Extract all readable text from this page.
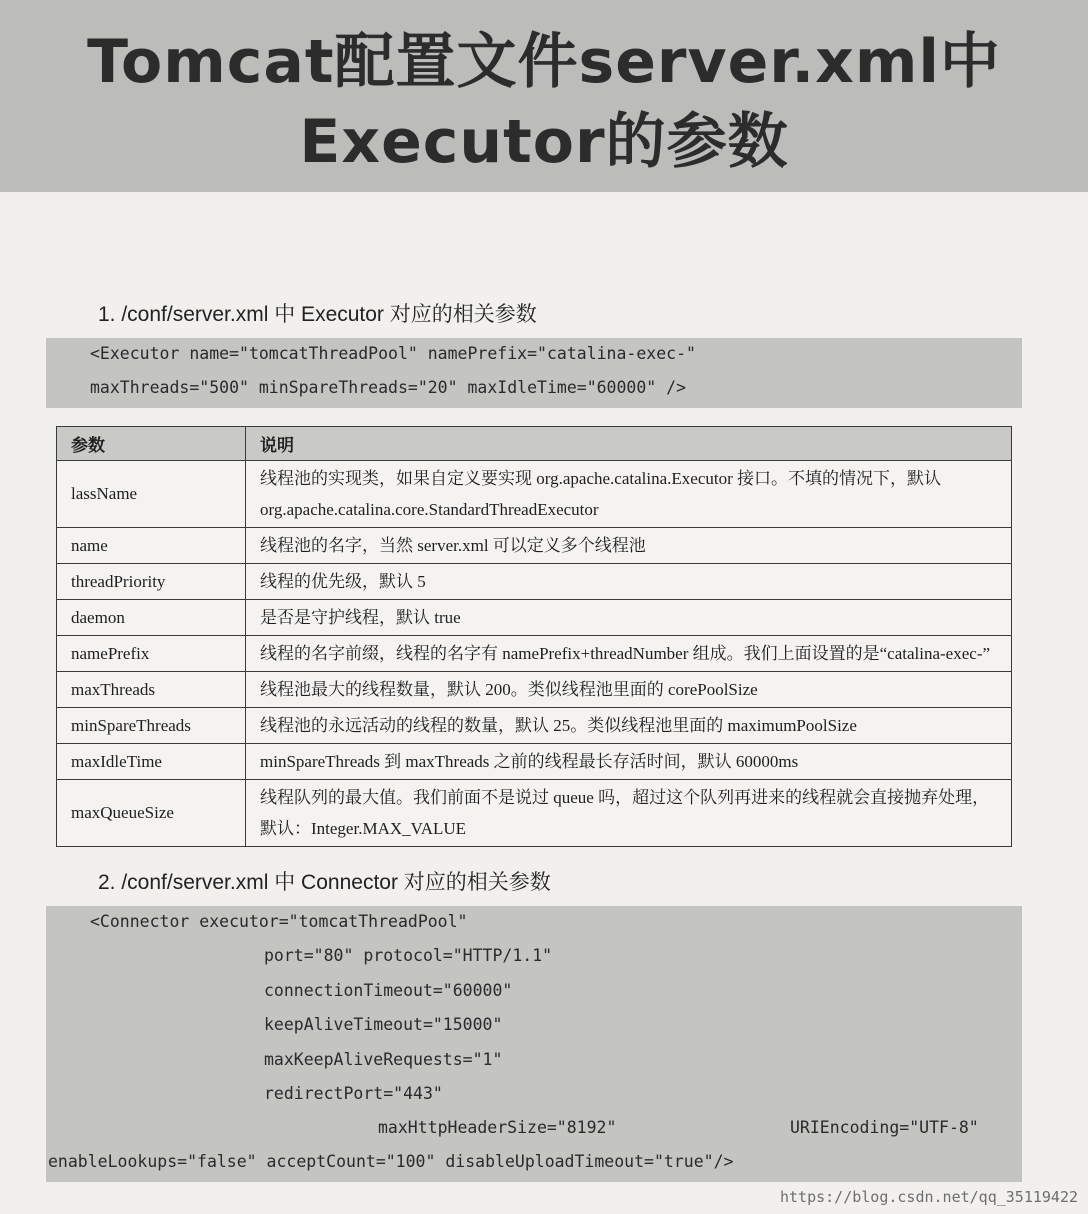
Tomcat配置文件server.xml中
Executor的参数
1. /conf/server.xml 中 Executor 对应的相关参数

<Executor name="tomcatThreadPool" namePrefix="catalina-exec-"

maxThreads="500" minSpareThreads="20" maxIdleTime="60000" />

参数	说明
lassName	线程池的实现类，如果自定义要实现 org.apache.catalina.Executor 接口。不填的情况下，默认 org.apache.catalina.core.StandardThreadExecutor
name	线程池的名字，当然 server.xml 可以定义多个线程池
threadPriority	线程的优先级，默认 5
daemon	是否是守护线程，默认 true
namePrefix	线程的名字前缀，线程的名字有 namePrefix+threadNumber 组成。我们上面设置的是“catalina-exec-”
maxThreads	线程池最大的线程数量，默认 200。类似线程池里面的 corePoolSize
minSpareThreads	线程池的永远活动的线程的数量，默认 25。类似线程池里面的 maximumPoolSize
maxIdleTime	minSpareThreads 到 maxThreads 之前的线程最长存活时间，默认 60000ms
maxQueueSize	线程队列的最大值。我们前面不是说过 queue 吗，超过这个队列再进来的线程就会直接抛弃处理，默认：Integer.MAX_VALUE
2. /conf/server.xml 中 Connector 对应的相关参数

<Connector executor="tomcatThreadPool"

port="80" protocol="HTTP/1.1"

connectionTimeout="60000"

keepAliveTimeout="15000"

maxKeepAliveRequests="1"

redirectPort="443"

maxHttpHeaderSize="8192"

	URIEncoding="UTF-8"

enableLookups="false" acceptCount="100" disableUploadTimeout="true"/>

https://blog.csdn.net/qq_35119422
